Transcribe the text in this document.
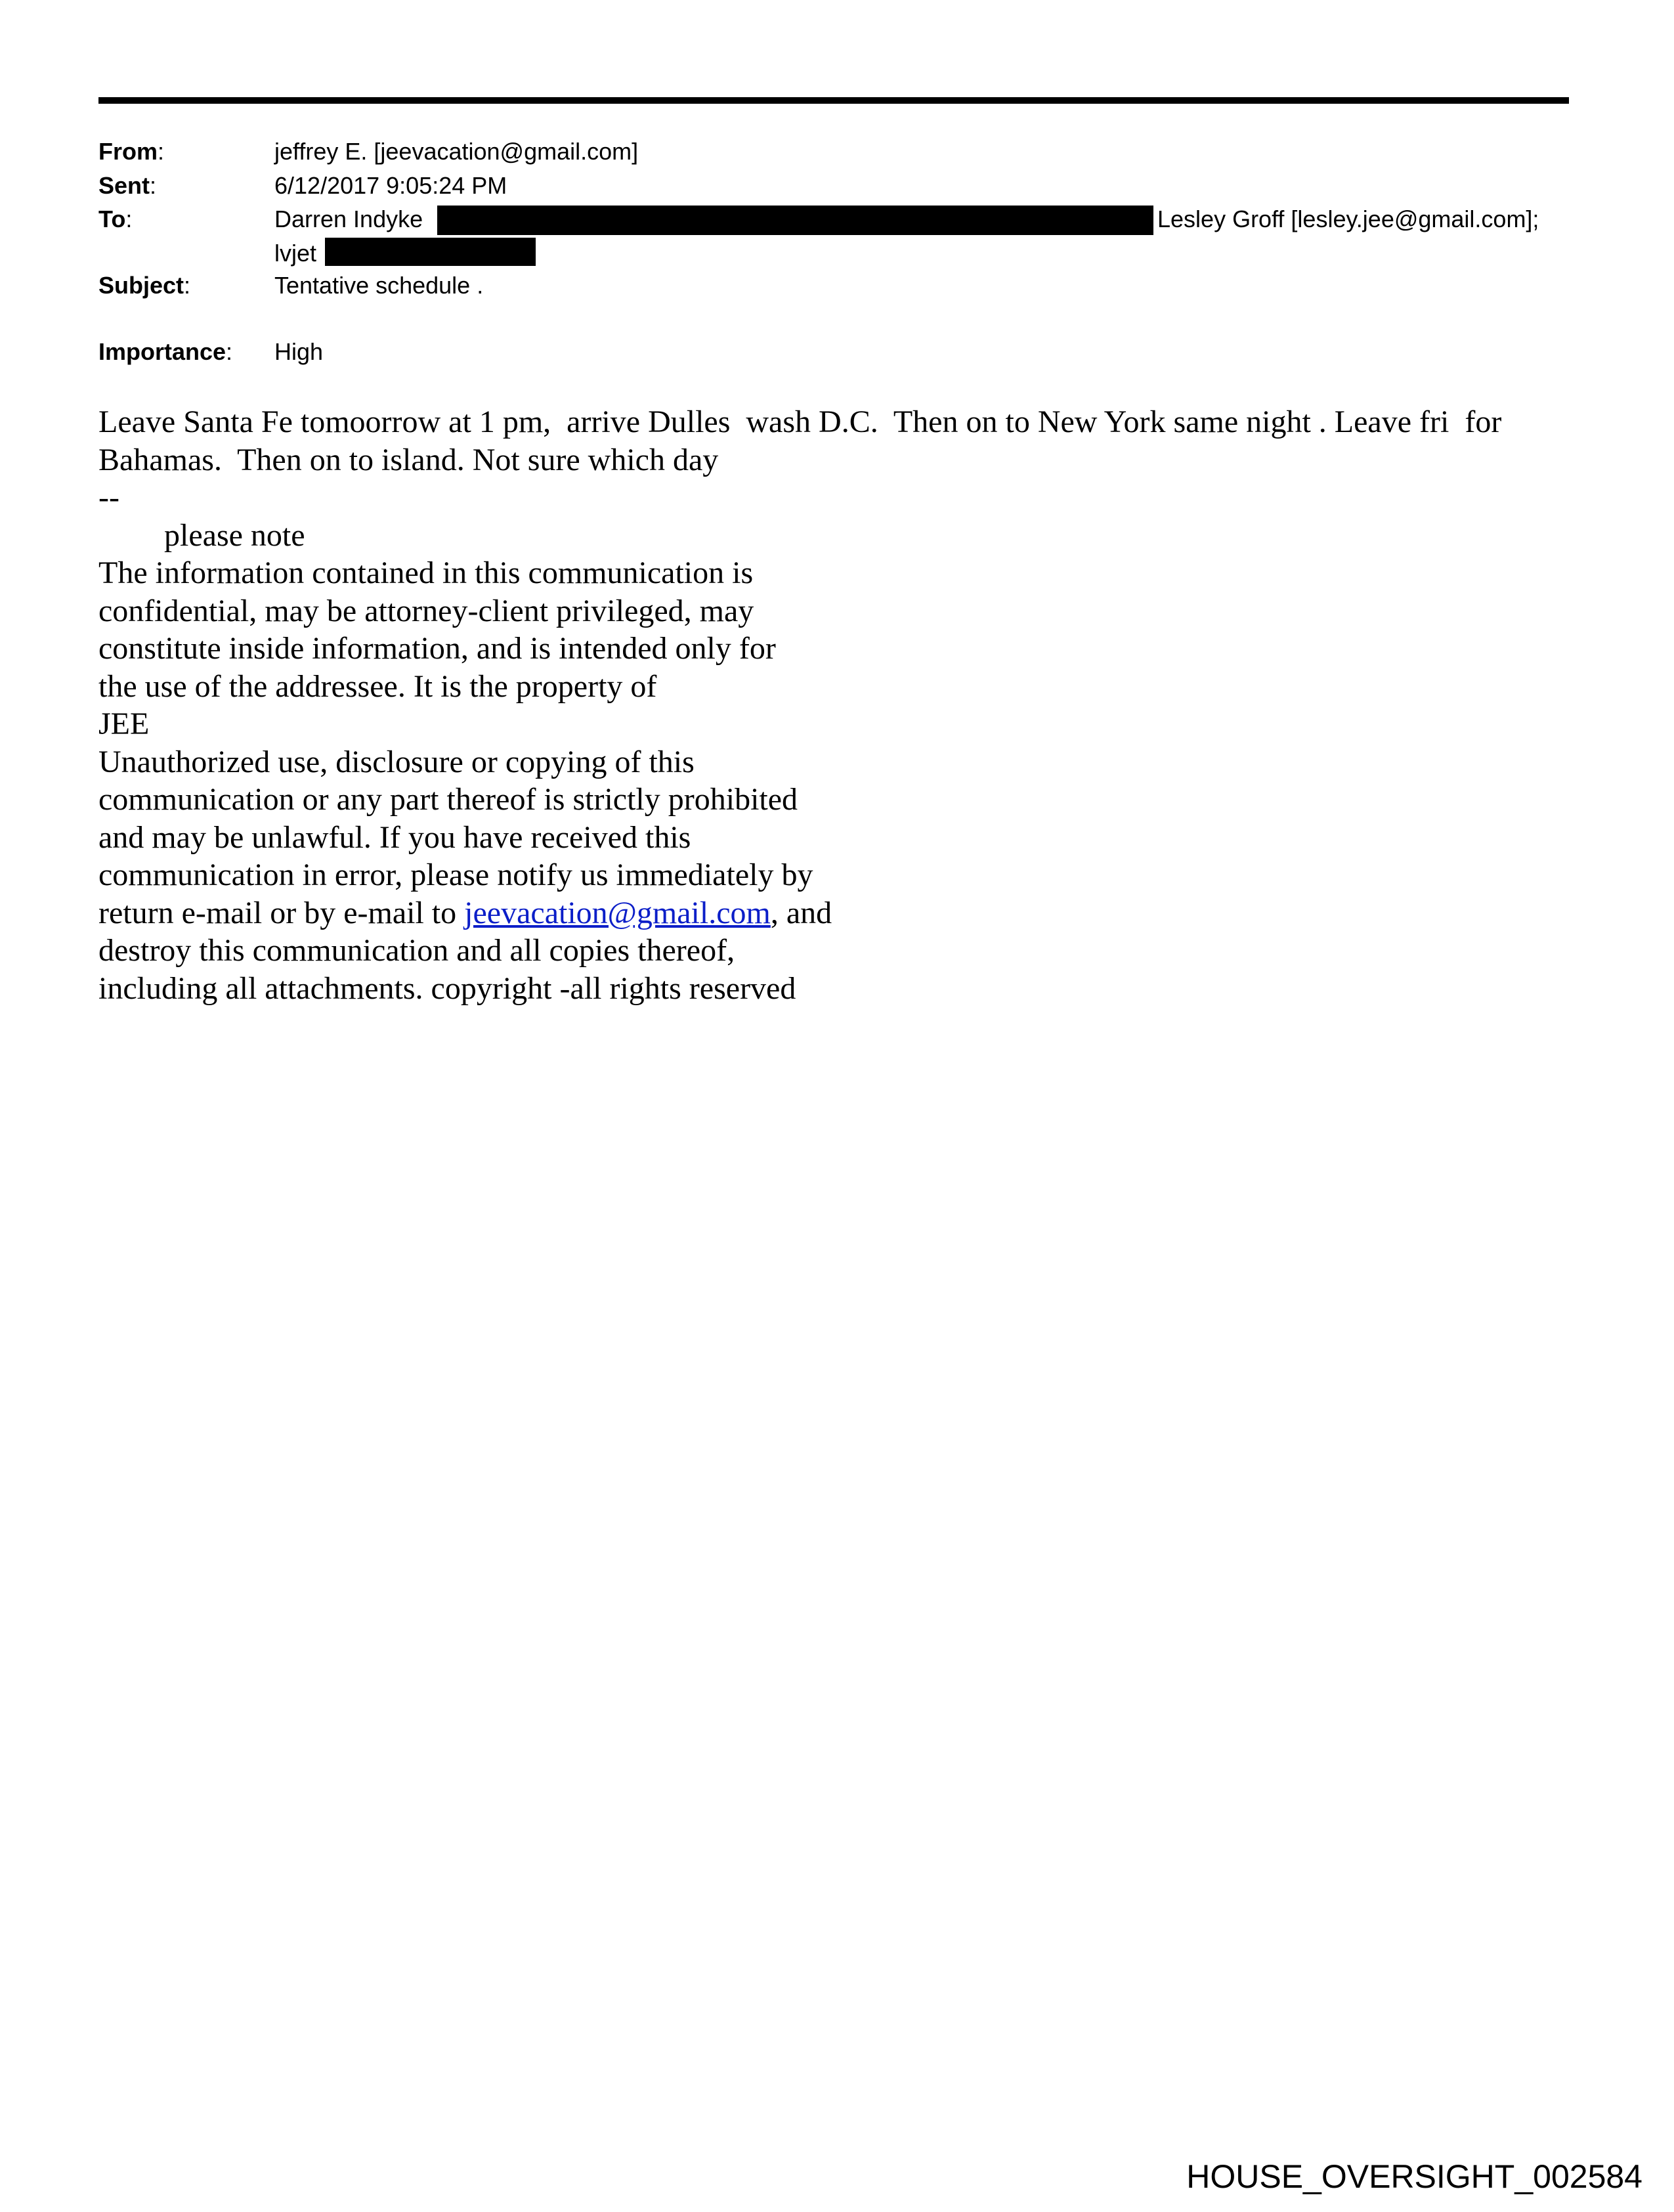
From:	jeffrey E. [jeevacation@gmail.com]
Sent:	6/12/2017 9:05:24 PM
To:	Darren Indyke	Lesley Groff [lesley.jee@gmail.com];
lvjet
Subject:	Tentative schedule .
Importance: High
Leave Santa Fe tomoorrow at 1 pm,  arrive Dulles  wash D.C.  Then on to New York same night . Leave fri  for
Bahamas.  Then on to island. Not sure which day
--
please note
The information contained in this communication is
confidential, may be attorney-client privileged, may
constitute inside information, and is intended only for
the use of the addressee. It is the property of
JEE
Unauthorized use, disclosure or copying of this
communication or any part thereof is strictly prohibited
and may be unlawful. If you have received this
communication in error, please notify us immediately by
return e-mail or by e-mail to jeevacation@gmail.com, and
destroy this communication and all copies thereof,
including all attachments. copyright -all rights reserved
HOUSE_OVERSIGHT_002584
